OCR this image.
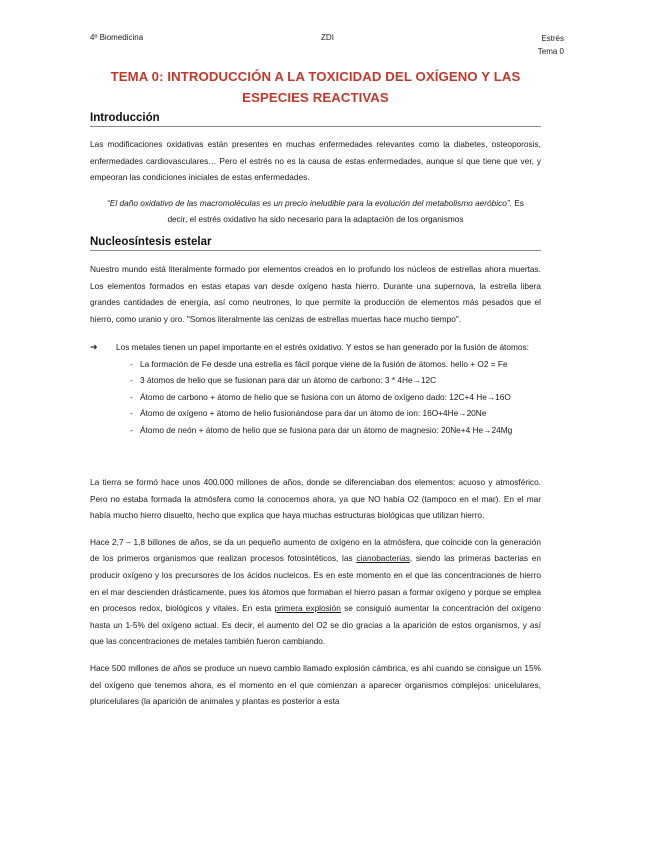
4º Biomedicina	ZDI	Estrés
Tema 0
TEMA 0: INTRODUCCIÓN A LA TOXICIDAD DEL OXÍGENO Y LAS
ESPECIES REACTIVAS
Introducción

Las modificaciones oxidativas están presentes en muchas enfermedades relevantes como la diabetes, osteoporosis, enfermedades cardiovasculares… Pero el estrés no es la causa de estas enfermedades, aunque sí que tiene que ver, y empeoran las condiciones iniciales de estas enfermedades.

“El daño oxidativo de las macromoléculas es un precio ineludible para la evolución del metabolismo aeróbico”. Es decir, el estrés oxidativo ha sido necesario para la adaptación de los organismos

Nucleosíntesis estelar

Nuestro mundo está literalmente formado por elementos creados en lo profundo los núcleos de estrellas ahora muertas. Los elementos formados en estas etapas van desde oxígeno hasta hierro. Durante una supernova, la estrella libera grandes cantidades de energía, así como neutrones, lo que permite la producción de elementos más pesados que el hierro, como uranio y oro. "Somos literalmente las cenizas de estrellas muertas hace mucho tiempo".

➔ Los metales tienen un papel importante en el estrés oxidativo. Y estos se han generado por la fusión de átomos:
- La formación de Fe desde una estrella es fácil porque viene de la fusión de átomos: helio + O2 = Fe
- 3 átomos de helio que se fusionan para dar un átomo de carbono: 3 * 4He→12C
- Átomo de carbono + átomo de helio que se fusiona con un átomo de oxígeno dado: 12C+4 He→16O
- Átomo de oxígeno + átomo de helio fusionándose para dar un átomo de ion: 16O+4He→20Ne
- Átomo de neón + átomo de helio que se fusiona para dar un átomo de magnesio: 20Ne+4 He→24Mg

La tierra se formó hace unos 400.000 millones de años, donde se diferenciaban dos elementos: acuoso y atmosférico. Pero no estaba formada la atmósfera como la conocemos ahora, ya que NO había O2 (tampoco en el mar). En el mar había mucho hierro disuelto, hecho que explica que haya muchas estructuras biológicas que utilizan hierro.

Hace 2,7 – 1,8 billones de años, se da un pequeño aumento de oxígeno en la atmósfera, que coincide con la generación de los primeros organismos que realizan procesos fotosintéticos, las cianobacterias, siendo las primeras bacterias en producir oxígeno y los precursores de los ácidos nucleicos. Es en este momento en el que las concentraciones de hierro en el mar descienden drásticamente, pues los átomos que formaban el hierro pasan a formar oxígeno y porque se emplea en procesos redox, biológicos y vitales. En esta primera explosión se consiguió aumentar la concentración del oxígeno hasta un 1-5% del oxígeno actual. Es decir, el aumento del O2 se dio gracias a la aparición de estos organismos, y así que las concentraciones de metales también fueron cambiando.

Hace 500 millones de años se produce un nuevo cambio llamado explosión cámbrica, es ahí cuando se consigue un 15% del oxígeno que tenemos ahora, es el momento en el que comienzan a aparecer organismos complejos: unicelulares, pluricelulares (la aparición de animales y plantas es posterior a esta
